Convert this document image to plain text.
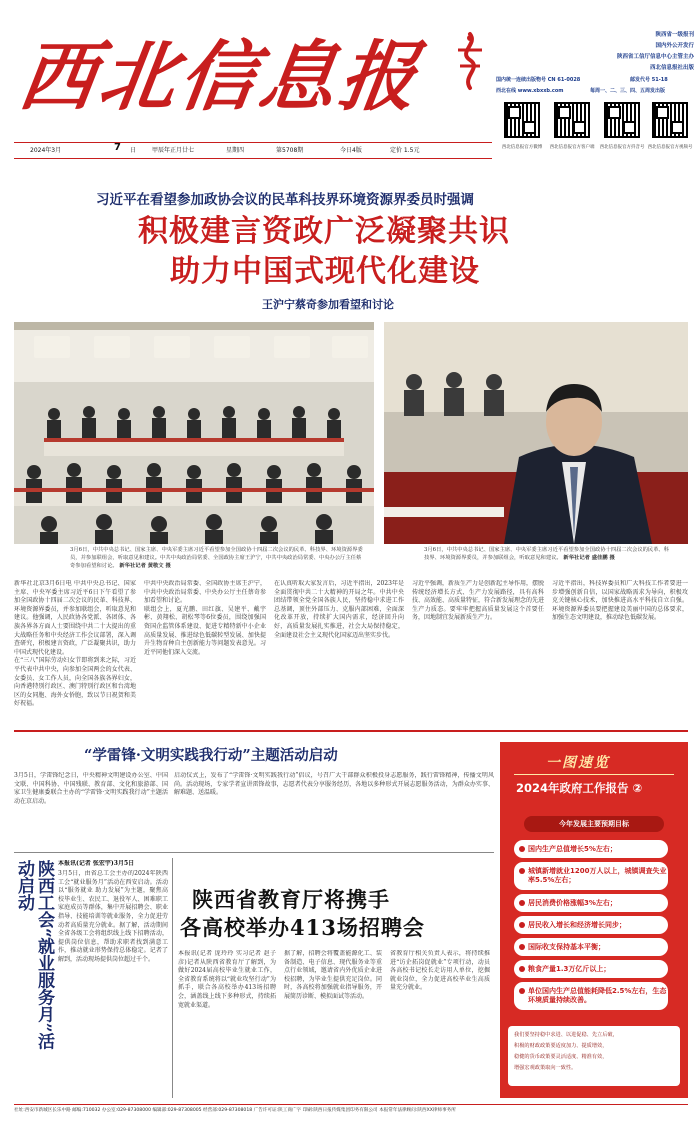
西北信息报	陕西省一级报刊
国内外公开发行
陕西省工信厅信息中心主管主办
西北信息报社出版
国内统一连续出版物号 CN 61-0028	邮发代号 51-18
西北在线 www.xbxxb.com	每周一、二、三、四、五周发出版
西北信息报官方微博	西北信息报官方客户端	西北信息报官方抖音号 西北信息报官方视频号
2024年3月	7 日	甲辰年正月廿七	星期四	第5708期	今日4版	定价 1.5元
习近平在看望参加政协会议的民革科技界环境资源界委员时强调
积极建言资政广泛凝聚共识
助力中国式现代化建设
王沪宁蔡奇参加看望和讨论
3月6日，中共中央总书记、国家主席、中央军委主席习近平看望参加全国政协十四届二次会议的民革、科技界、环境资源界委员，并参加联组会，听取意见和建议。中共中央政治局常委、全国政协主席王沪宁，中共中央政治局常委、中央办公厅主任蔡奇参加看望和讨论。 新华社记者 黄敬文 摄
3月6日，中共中央总书记、国家主席、中央军委主席习近平看望参加全国政协十四届二次会议的民革、科技界、环境资源界委员，并参加联组会，听取意见和建议。 新华社记者 盛佳鹏 摄

新华社北京3月6日电 中共中央总书记、国家主席、中央军委主席习近平6日下午看望了参加全国政协十四届二次会议的民革、科技界、环境资源界委员，并参加联组会，听取意见和建议。他强调，人民政协各党派、各团体、各族各界各方面人士要围绕中共二十大提出的重大战略任务和中央经济工作会议部署，深入调查研究，积极建言资政，广泛凝聚共识，助力中国式现代化建设。

在“三八”国际劳动妇女节即将到来之际，习近平代表中共中央，向参加全国两会的女代表、女委员、女工作人员，向全国各族各界妇女，向香港特别行政区、澳门特别行政区和台湾地区的女同胞、海外女侨胞，致以节日祝贺和美好祝福。

中共中央政治局常委、全国政协主席王沪宁，中共中央政治局常委、中央办公厅主任蔡奇参加看望和讨论。

联组会上，夏光鹏、田红旗、吴建平、戴宇彬、黄翔松、胡松琴等6位委员，围绕加强国资国企监管体系建设、促进专精特新中小企业高质量发展、推进绿色低碳转型发展、加快提升生物育种自主创新能力等问题发表意见。习近平同他们深入交流。

在认真听取大家发言后，习近平指出，2023年是全面贯彻中共二十大精神的开局之年。中共中央团结带领全党全国各族人民，坚持稳中求进工作总基调，顶住外部压力、克服内部困难，全面深化改革开放，持续扩大国内需求，经济回升向好，高质量发展扎实推进，社会大局保持稳定，全面建设社会主义现代化国家迈出坚实步伐。

习近平强调，新质生产力是创新起主导作用，摆脱传统经济增长方式、生产力发展路径，具有高科技、高效能、高质量特征，符合新发展理念的先进生产力质态。要牢牢把握高质量发展这个首要任务，因地制宜发展新质生产力。

习近平指出，科技界委员和广大科技工作者要进一步增强创新自信，以国家战略需求为导向，积极攻克关键核心技术，加快推进高水平科技自立自强。环境资源界委员要把握建设美丽中国的总体要求，加强生态文明建设，推动绿色低碳发展。

“学雷锋·文明实践我行动”主题活动启动

3月5日，学雷锋纪念日，中央精神文明建设办公室、中国文联、中国科协、中国残联、教育部、文化和旅游部、国家卫生健康委联合主办的“学雷锋·文明实践我行动”主题活动在京启动。

启动仪式上，发布了“学雷锋·文明实践我行动”倡议，号召广大干部群众积极投身志愿服务，践行雷锋精神，传播文明风尚。活动现场，专家学者宣讲雷锋故事，志愿者代表分享服务经历，各地以多种形式开展志愿服务活动，为群众办实事、解难题、送温暖。

陕西工会“就业服务月”活动启动	本报讯(记者 张宏宇)3月5日
3月5日，由省总工会主办的2024年陕西工会“就业服务月”活动在西安启动。活动以“服务就业 助力发展”为主题，聚焦高校毕业生、农民工、退役军人、困难职工家庭成员等群体，集中开展招聘会、职业指导、技能培训等就业服务，全力促进劳动者高质量充分就业。据了解，活动期间全省各级工会将组织线上线下招聘活动，提供岗位信息，帮助求职者找到满意工作，推动就业形势保持总体稳定。记者了解到，活动现场提供岗位超过千个。
陕西省教育厅将携手
各高校举办413场招聘会

本报讯(记者 庞玲玲 实习记者 赵子彦)记者从陕西省教育厅了解到，为做好2024届高校毕业生就业工作，全省教育系统将以“就业攻坚行动”为抓手，联合各高校举办413场招聘会，涵盖线上线下多种形式，持续拓宽就业渠道。

据了解，招聘会将覆盖能源化工、装备制造、电子信息、现代服务业等重点行业领域，邀请省内外优质企业进校招聘，为毕业生提供充足岗位。同时，各高校将加强就业指导服务，开展简历诊断、模拟面试等活动。

省教育厅相关负责人表示，将持续推进“访企拓岗促就业”专项行动，动员各高校书记校长走访用人单位，挖掘就业岗位，全力促进高校毕业生高质量充分就业。

一图速览
2024年政府工作报告 ②
今年发展主要预期目标
国内生产总值增长5%左右；
城镇新增就业1200万人以上，城镇调查失业率5.5%左右；
居民消费价格涨幅3%左右；
居民收入增长和经济增长同步；
国际收支保持基本平衡；
粮食产量1.3万亿斤以上；
单位国内生产总值能耗降低2.5%左右，生态环境质量持续改善。
我们要坚持稳中求进、以进促稳、先立后破，
积极的财政政策要适度加力、提质增效，
稳健的货币政策要灵活适度、精准有效，
增强宏观政策取向一致性。
社址:西安市新城区长乐中路 邮编:710032 办公室:029-87308000 编辑部:029-87308005 经营部:029-87308018 广告许可证:陕工商广字 印刷:陕西日报传媒集团印务有限公司 本报常年法律顾问:陕西XX律师事务所
